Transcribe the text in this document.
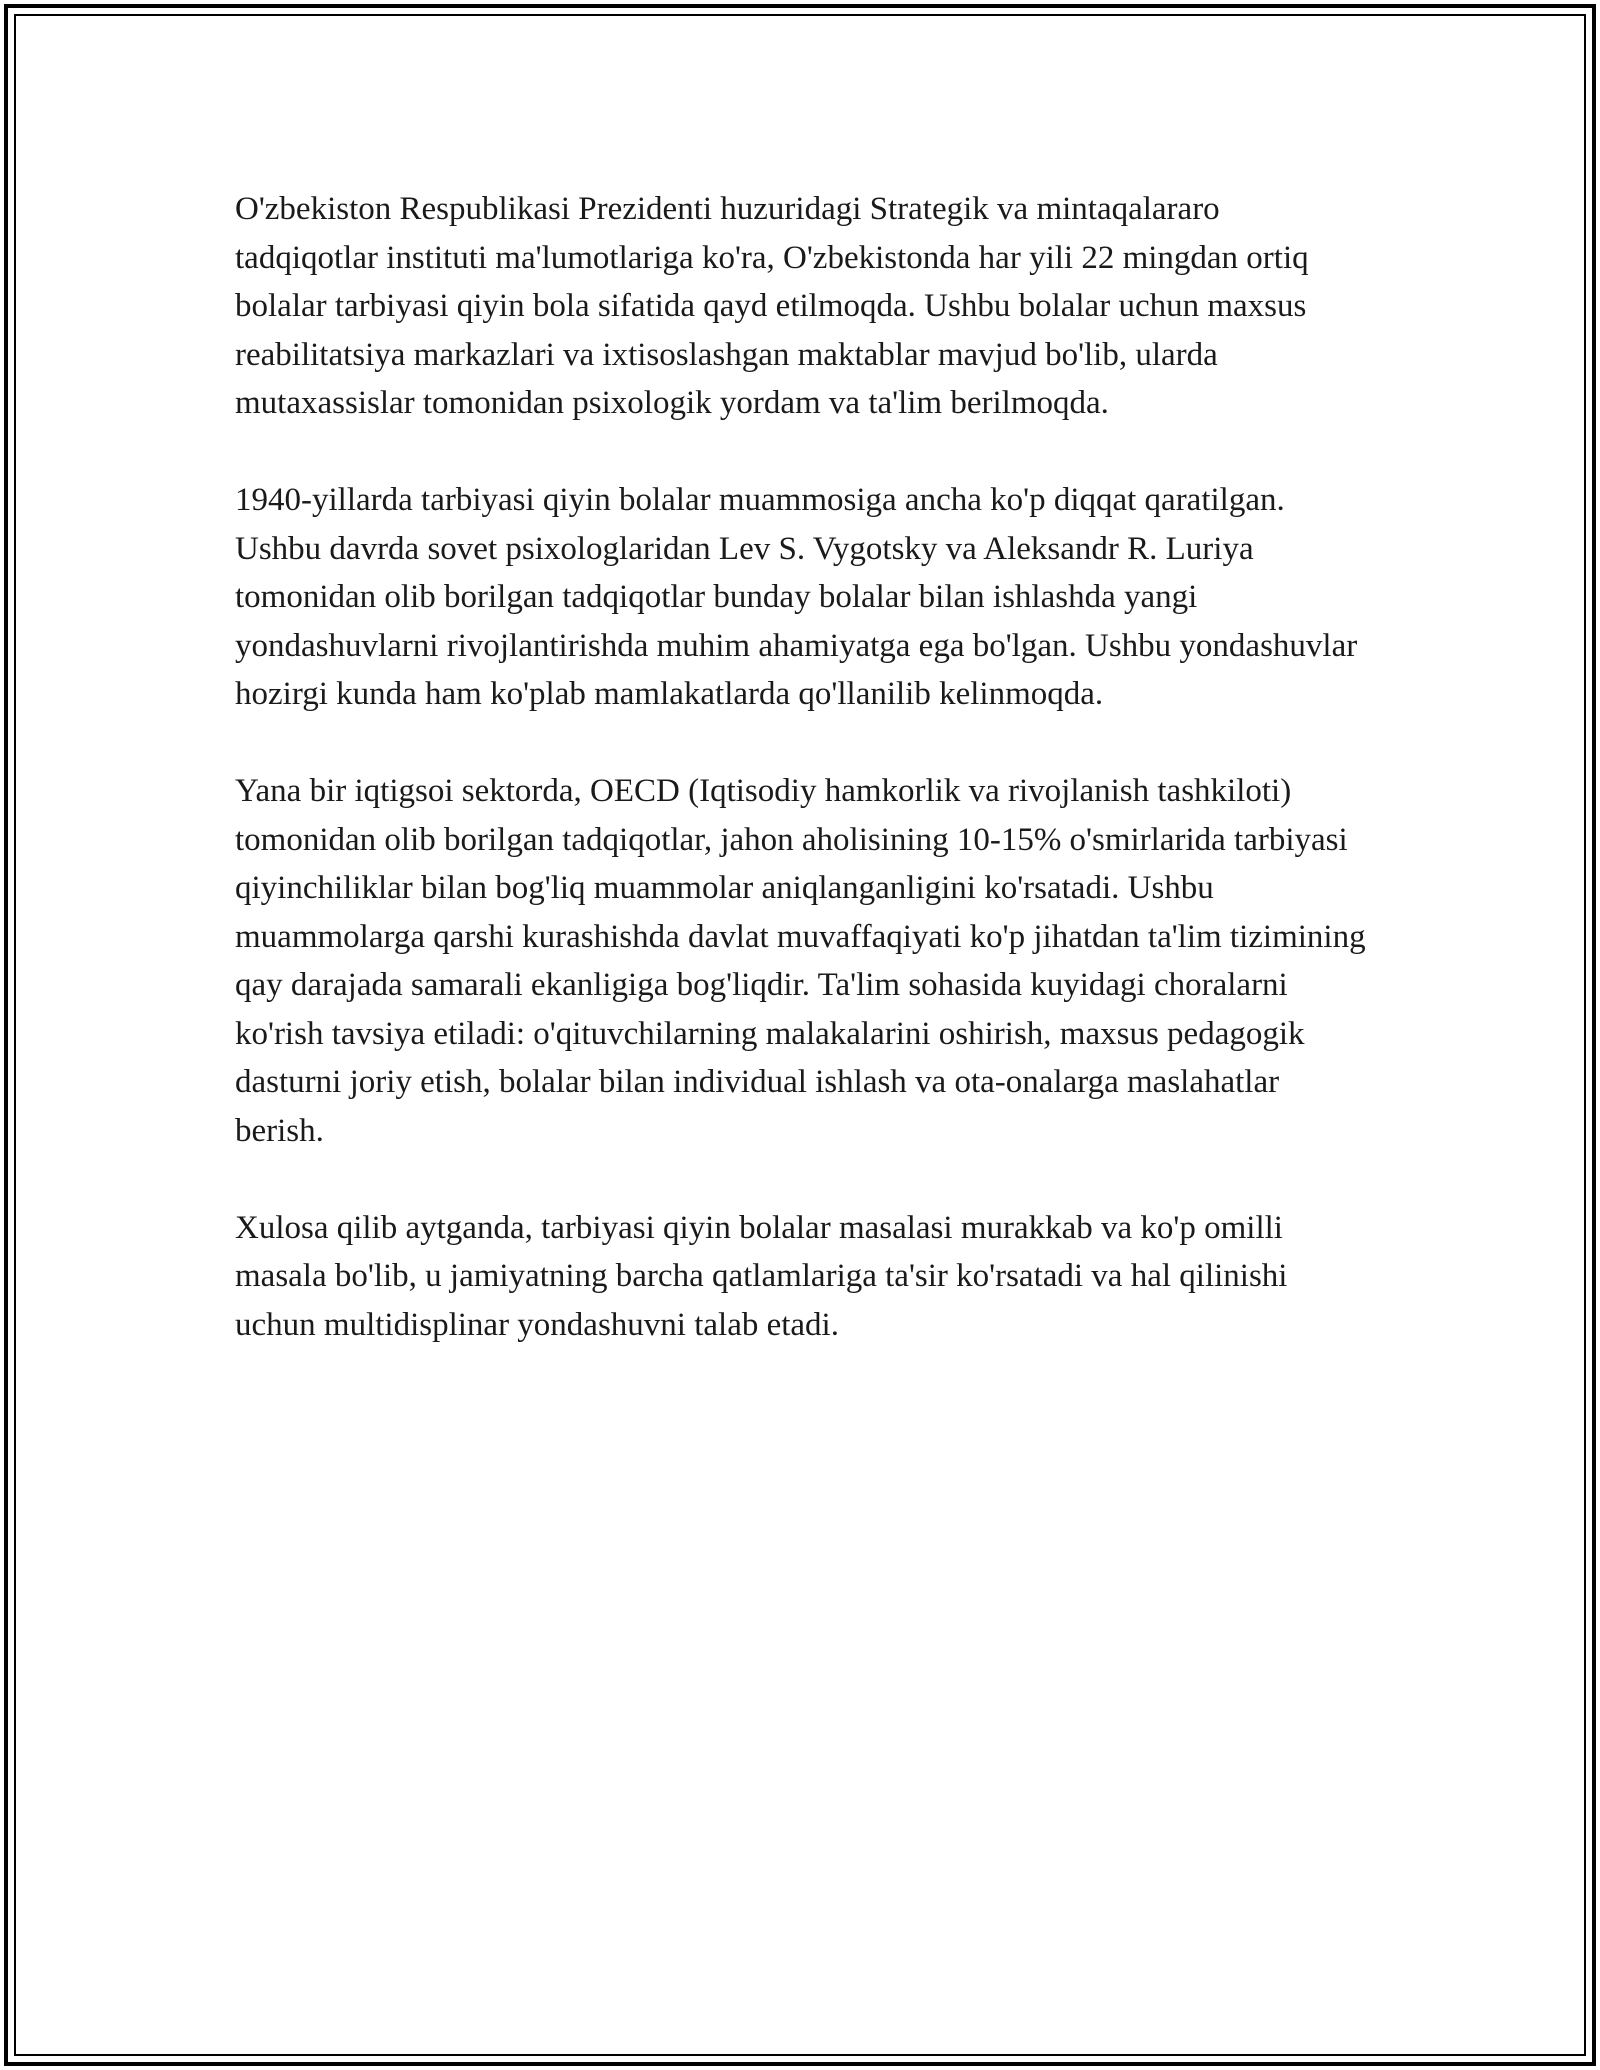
O'zbekiston Respublikasi Prezidenti huzuridagi Strategik va mintaqalararo tadqiqotlar instituti ma'lumotlariga ko'ra, O'zbekistonda har yili 22 mingdan ortiq bolalar tarbiyasi qiyin bola sifatida qayd etilmoqda. Ushbu bolalar uchun maxsus reabilitatsiya markazlari va ixtisoslashgan maktablar mavjud bo'lib, ularda mutaxassislar tomonidan psixologik yordam va ta'lim berilmoqda.

1940-yillarda tarbiyasi qiyin bolalar muammosiga ancha ko'p diqqat qaratilgan. Ushbu davrda sovet psixologlaridan Lev S. Vygotsky va Aleksandr R. Luriya tomonidan olib borilgan tadqiqotlar bunday bolalar bilan ishlashda yangi yondashuvlarni rivojlantirishda muhim ahamiyatga ega bo'lgan. Ushbu yondashuvlar hozirgi kunda ham ko'plab mamlakatlarda qo'llanilib kelinmoqda.

Yana bir iqtigsoi sektorda, OECD (Iqtisodiy hamkorlik va rivojlanish tashkiloti) tomonidan olib borilgan tadqiqotlar, jahon aholisining 10-15% o'smirlarida tarbiyasi qiyinchiliklar bilan bog'liq muammolar aniqlanganligini ko'rsatadi. Ushbu muammolarga qarshi kurashishda davlat muvaffaqiyati ko'p jihatdan ta'lim tizimining qay darajada samarali ekanligiga bog'liqdir. Ta'lim sohasida kuyidagi choralarni ko'rish tavsiya etiladi: o'qituvchilarning malakalarini oshirish, maxsus pedagogik dasturni joriy etish, bolalar bilan individual ishlash va ota-onalarga maslahatlar berish.

Xulosa qilib aytganda, tarbiyasi qiyin bolalar masalasi murakkab va ko'p omilli masala bo'lib, u jamiyatning barcha qatlamlariga ta'sir ko'rsatadi va hal qilinishi uchun multidisplinar yondashuvni talab etadi.
